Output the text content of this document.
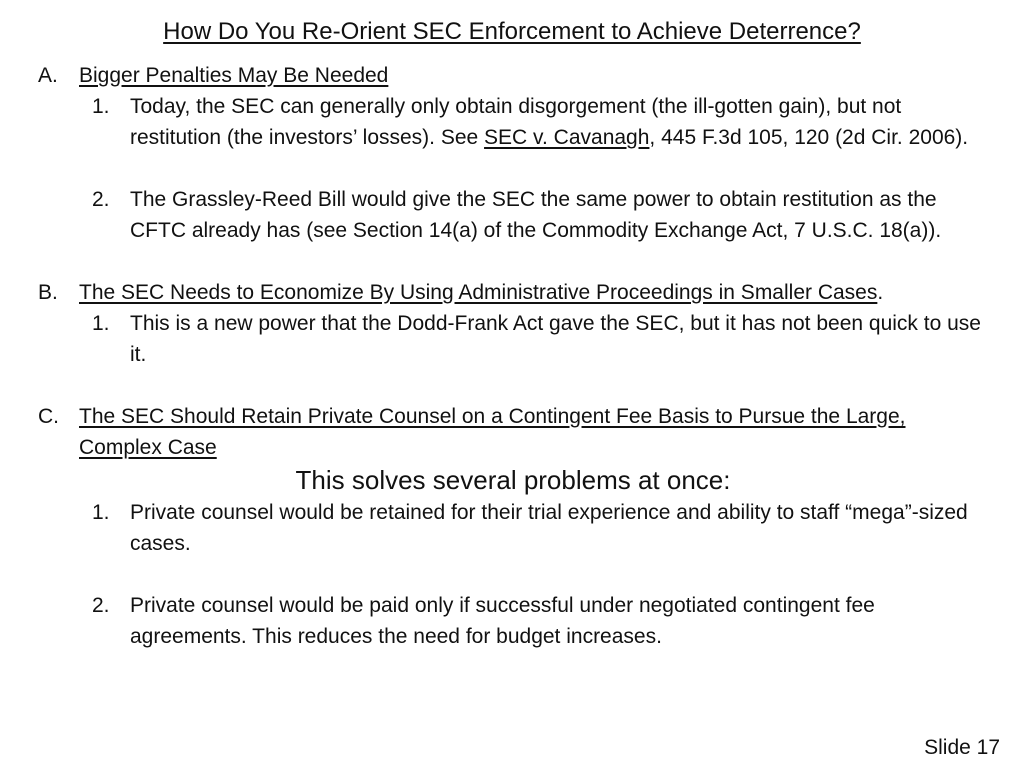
How Do You Re-Orient SEC Enforcement to Achieve Deterrence?
A. Bigger Penalties May Be Needed
1. Today, the SEC can generally only obtain disgorgement (the ill-gotten gain), but not restitution (the investors’ losses). See SEC v. Cavanagh, 445 F.3d 105, 120 (2d Cir. 2006).
2. The Grassley-Reed Bill would give the SEC the same power to obtain restitution as the CFTC already has (see Section 14(a) of the Commodity Exchange Act, 7 U.S.C. 18(a)).
B. The SEC Needs to Economize By Using Administrative Proceedings in Smaller Cases.
1. This is a new power that the Dodd-Frank Act gave the SEC, but it has not been quick to use it.
C. The SEC Should Retain Private Counsel on a Contingent Fee Basis to Pursue the Large, Complex Case
This solves several problems at once:
1. Private counsel would be retained for their trial experience and ability to staff “mega”-sized cases.
2. Private counsel would be paid only if successful under negotiated contingent fee agreements. This reduces the need for budget increases.
Slide 17
